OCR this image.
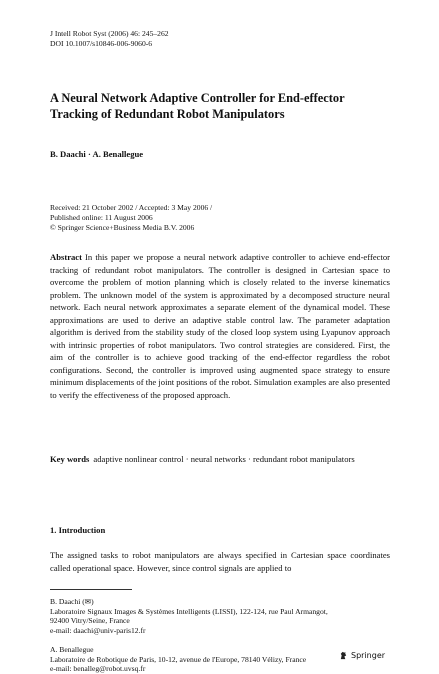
J Intell Robot Syst (2006) 46: 245–262
DOI 10.1007/s10846-006-9060-6
A Neural Network Adaptive Controller for End-effector Tracking of Redundant Robot Manipulators
B. Daachi · A. Benallegue
Received: 21 October 2002 / Accepted: 3 May 2006 /
Published online: 11 August 2006
© Springer Science+Business Media B.V. 2006
Abstract In this paper we propose a neural network adaptive controller to achieve end-effector tracking of redundant robot manipulators. The controller is designed in Cartesian space to overcome the problem of motion planning which is closely related to the inverse kinematics problem. The unknown model of the system is approximated by a decomposed structure neural network. Each neural network approximates a separate element of the dynamical model. These approximations are used to derive an adaptive stable control law. The parameter adaptation algorithm is derived from the stability study of the closed loop system using Lyapunov approach with intrinsic properties of robot manipulators. Two control strategies are considered. First, the aim of the controller is to achieve good tracking of the end-effector regardless the robot configurations. Second, the controller is improved using augmented space strategy to ensure minimum displacements of the joint positions of the robot. Simulation examples are also presented to verify the effectiveness of the proposed approach.
Key words adaptive nonlinear control · neural networks · redundant robot manipulators
1. Introduction
The assigned tasks to robot manipulators are always specified in Cartesian space coordinates called operational space. However, since control signals are applied to
B. Daachi (✉)
Laboratoire Signaux Images & Systèmes Intelligents (LISSI), 122-124, rue Paul Armangot,
92400 Vitry/Seine, France
e-mail: daachi@univ-paris12.fr
A. Benallegue
Laboratoire de Robotique de Paris, 10-12, avenue de l'Europe, 78140 Vélizy, France
e-mail: benalleg@robot.uvsq.fr
Springer
